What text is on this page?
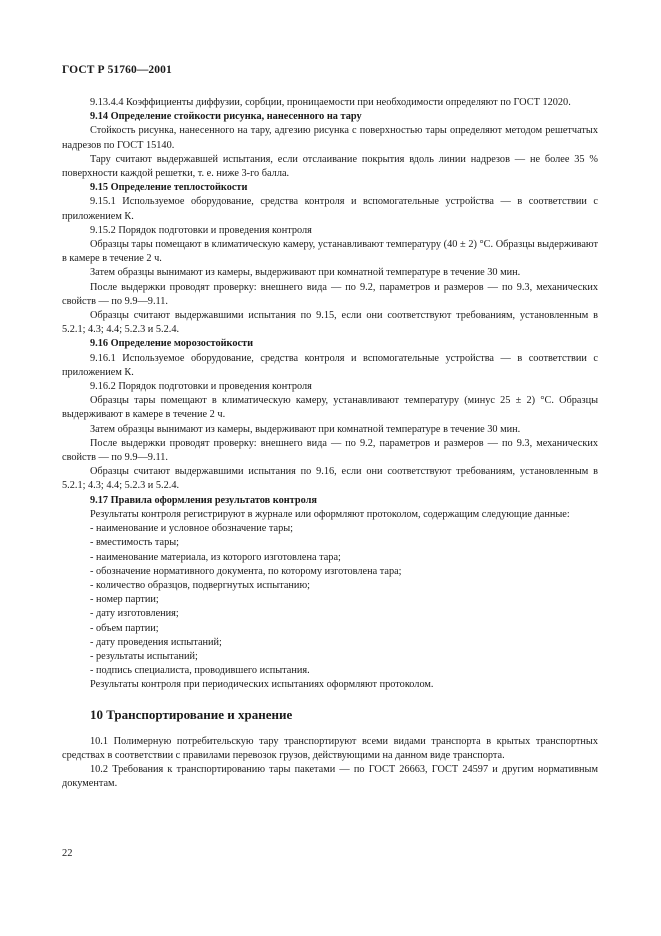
ГОСТ Р 51760—2001

9.13.4.4 Коэффициенты диффузии, сорбции, проницаемости при необходимости определяют по ГОСТ 12020.

9.14 Определение стойкости рисунка, нанесенного на тару

Стойкость рисунка, нанесенного на тару, адгезию рисунка с поверхностью тары определяют методом решетчатых надрезов по ГОСТ 15140.

Тару считают выдержавшей испытания, если отслаивание покрытия вдоль линии надрезов — не более 35 % поверхности каждой решетки, т. е. ниже 3-го балла.

9.15 Определение теплостойкости

9.15.1 Используемое оборудование, средства контроля и вспомогательные устройства — в соответствии с приложением К.

9.15.2 Порядок подготовки и проведения контроля

Образцы тары помещают в климатическую камеру, устанавливают температуру (40 ± 2) °С. Образцы выдерживают в камере в течение 2 ч.

Затем образцы вынимают из камеры, выдерживают при комнатной температуре в течение 30 мин.

После выдержки проводят проверку: внешнего вида — по 9.2, параметров и размеров — по 9.3, механических свойств — по 9.9—9.11.

Образцы считают выдержавшими испытания по 9.15, если они соответствуют требованиям, установленным в 5.2.1; 4.3; 4.4; 5.2.3 и 5.2.4.

9.16 Определение морозостойкости

9.16.1 Используемое оборудование, средства контроля и вспомогательные устройства — в соответствии с приложением К.

9.16.2 Порядок подготовки и проведения контроля

Образцы тары помещают в климатическую камеру, устанавливают температуру (минус 25 ± 2) °С. Образцы выдерживают в камере в течение 2 ч.

Затем образцы вынимают из камеры, выдерживают при комнатной температуре в течение 30 мин.

После выдержки проводят проверку: внешнего вида — по 9.2, параметров и размеров — по 9.3, механических свойств — по 9.9—9.11.

Образцы считают выдержавшими испытания по 9.16, если они соответствуют требованиям, установленным в 5.2.1; 4.3; 4.4; 5.2.3 и 5.2.4.

9.17 Правила оформления результатов контроля

Результаты контроля регистрируют в журнале или оформляют протоколом, содержащим следующие данные:

- наименование и условное обозначение тары;

- вместимость тары;

- наименование материала, из которого изготовлена тара;

- обозначение нормативного документа, по которому изготовлена тара;

- количество образцов, подвергнутых испытанию;

- номер партии;

- дату изготовления;

- объем партии;

- дату проведения испытаний;

- результаты испытаний;

- подпись специалиста, проводившего испытания.

Результаты контроля при периодических испытаниях оформляют протоколом.

10 Транспортирование и хранение

10.1 Полимерную потребительскую тару транспортируют всеми видами транспорта в крытых транспортных средствах в соответствии с правилами перевозок грузов, действующими на данном виде транспорта.

10.2 Требования к транспортированию тары пакетами — по ГОСТ 26663, ГОСТ 24597 и другим нормативным документам.

22
